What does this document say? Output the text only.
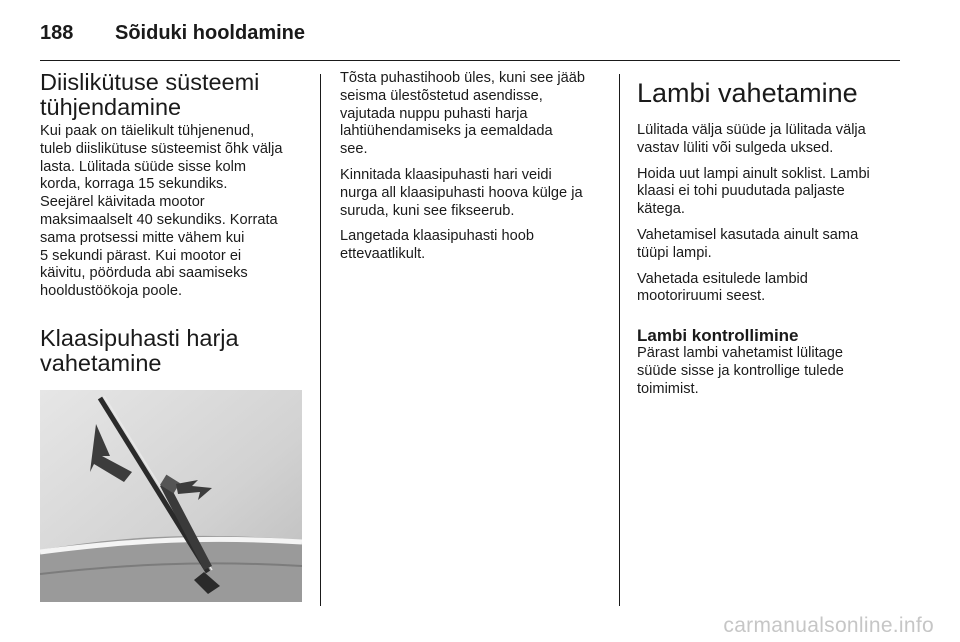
188 Sõiduki hooldamine
Diislikütuse süsteemi
tühjendamine

Kui paak on täielikult tühjenenud,
tuleb diislikütuse süsteemist õhk välja
lasta. Lülitada süüde sisse kolm
korda, korraga 15 sekundiks.
Seejärel käivitada mootor
maksimaalselt 40 sekundiks. Korrata
sama protsessi mitte vähem kui
5 sekundi pärast. Kui mootor ei
käivitu, pöörduda abi saamiseks
hooldustöökoja poole.

Klaasipuhasti harja
vahetamine

Tõsta puhastihoob üles, kuni see jääb
seisma ülestõstetud asendisse,
vajutada nuppu puhasti harja
lahtiühendamiseks ja eemaldada
see.

Kinnitada klaasipuhasti hari veidi
nurga all klaasipuhasti hoova külge ja
suruda, kuni see fikseerub.

Langetada klaasipuhasti hoob
ettevaatlikult.

Lambi vahetamine

Lülitada välja süüde ja lülitada välja
vastav lüliti või sulgeda uksed.

Hoida uut lampi ainult soklist. Lambi
klaasi ei tohi puudutada paljaste
kätega.

Vahetamisel kasutada ainult sama
tüüpi lampi.

Vahetada esitulede lambid
mootoriruumi seest.

Lambi kontrollimine

Pärast lambi vahetamist lülitage
süüde sisse ja kontrollige tulede
toimimist.

carmanualsonline.info
